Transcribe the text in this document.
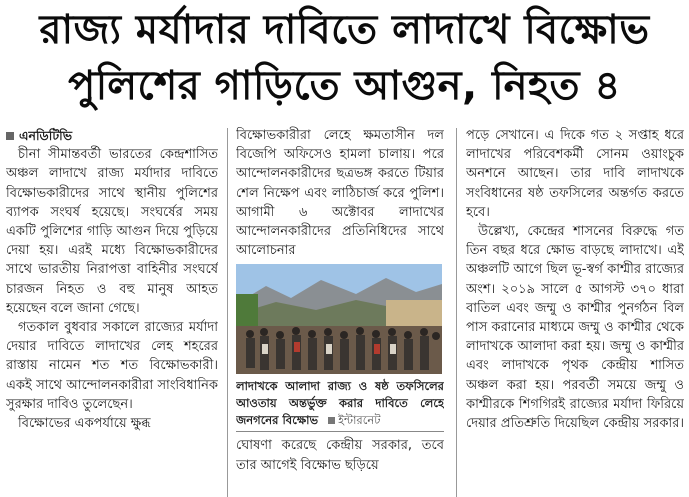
রাজ্য মর্যাদার দাবিতে লাদাখে বিক্ষোভ
পুলিশের গাড়িতে আগুন, নিহত ৪
এনডিটিভি

চীনা সীমান্তবর্তী ভারতের কেন্দ্রশাসিত অঞ্চল লাদাখে রাজ্য মর্যাদার দাবিতে বিক্ষোভকারীদের সাথে স্থানীয় পুলিশের ব্যাপক সংঘর্ষ হয়েছে। সংঘর্ষের সময় একটি পুলিশের গাড়ি আগুন দিয়ে পুড়িয়ে দেয়া হয়। এরই মধ্যে বিক্ষোভকারীদের সাথে ভারতীয় নিরাপত্তা বাহিনীর সংঘর্ষে চারজন নিহত ও বহু মানুষ আহত হয়েছেন বলে জানা গেছে।

গতকাল বুধবার সকালে রাজ্যের মর্যাদা দেয়ার দাবিতে লাদাখের লেহ শহরের রাস্তায় নামেন শত শত বিক্ষোভকারী। একই সাথে আন্দোলনকারীরা সাংবিধানিক সুরক্ষার দাবিও তুলেছেন।

বিক্ষোভের একপর্যায়ে ক্ষুব্ধ

বিক্ষোভকারীরা লেহে ক্ষমতাসীন দল বিজেপি অফিসেও হামলা চালায়। পরে আন্দোলনকারীদের ছত্রভঙ্গ করতে টিয়ার শেল নিক্ষেপ এবং লাঠিচার্জ করে পুলিশ। আগামী ৬ অক্টোবর লাদাখের আন্দোলনকারীদের প্রতিনিধিদের সাথে আলোচনার

লাদাখকে আলাদা রাজ্য ও ষষ্ঠ তফসিলের আওতায় অন্তর্ভুক্ত করার দাবিতে লেহে জনগনের বিক্ষোভ ইন্টারনেট

ঘোষণা করেছে কেন্দ্রীয় সরকার, তবে তার আগেই বিক্ষোভ ছড়িয়ে

পড়ে সেখানে। এ দিকে গত ২ সপ্তাহ ধরে লাদাখের পরিবেশকর্মী সোনম ওয়াংচুক অনশনে আছেন। তার দাবি লাদাখকে সংবিধানের ষষ্ঠ তফসিলের অন্তর্গত করতে হবে।

উল্লেখ্য, কেন্দ্রের শাসনের বিরুদ্ধে গত তিন বছর ধরে ক্ষোভ বাড়ছে লাদাখে। এই অঞ্চলটি আগে ছিল ভূ-স্বর্গ কাশ্মীর রাজ্যের অংশ। ২০১৯ সালে ৫ আগস্ট ৩৭০ ধারা বাতিল এবং জম্মু ও কাশ্মীর পুনর্গঠন বিল পাস করানোর মাধ্যমে জম্মু ও কাশ্মীর থেকে লাদাখকে আলাদা করা হয়। জম্মু ও কাশ্মীর এবং লাদাখকে পৃথক কেন্দ্রীয় শাসিত অঞ্চল করা হয়। পরবর্তী সময়ে জম্মু ও কাশ্মীরকে শিগগিরই রাজ্যের মর্যাদা ফিরিয়ে দেয়ার প্রতিশ্রুতি দিয়েছিল কেন্দ্রীয় সরকার।
